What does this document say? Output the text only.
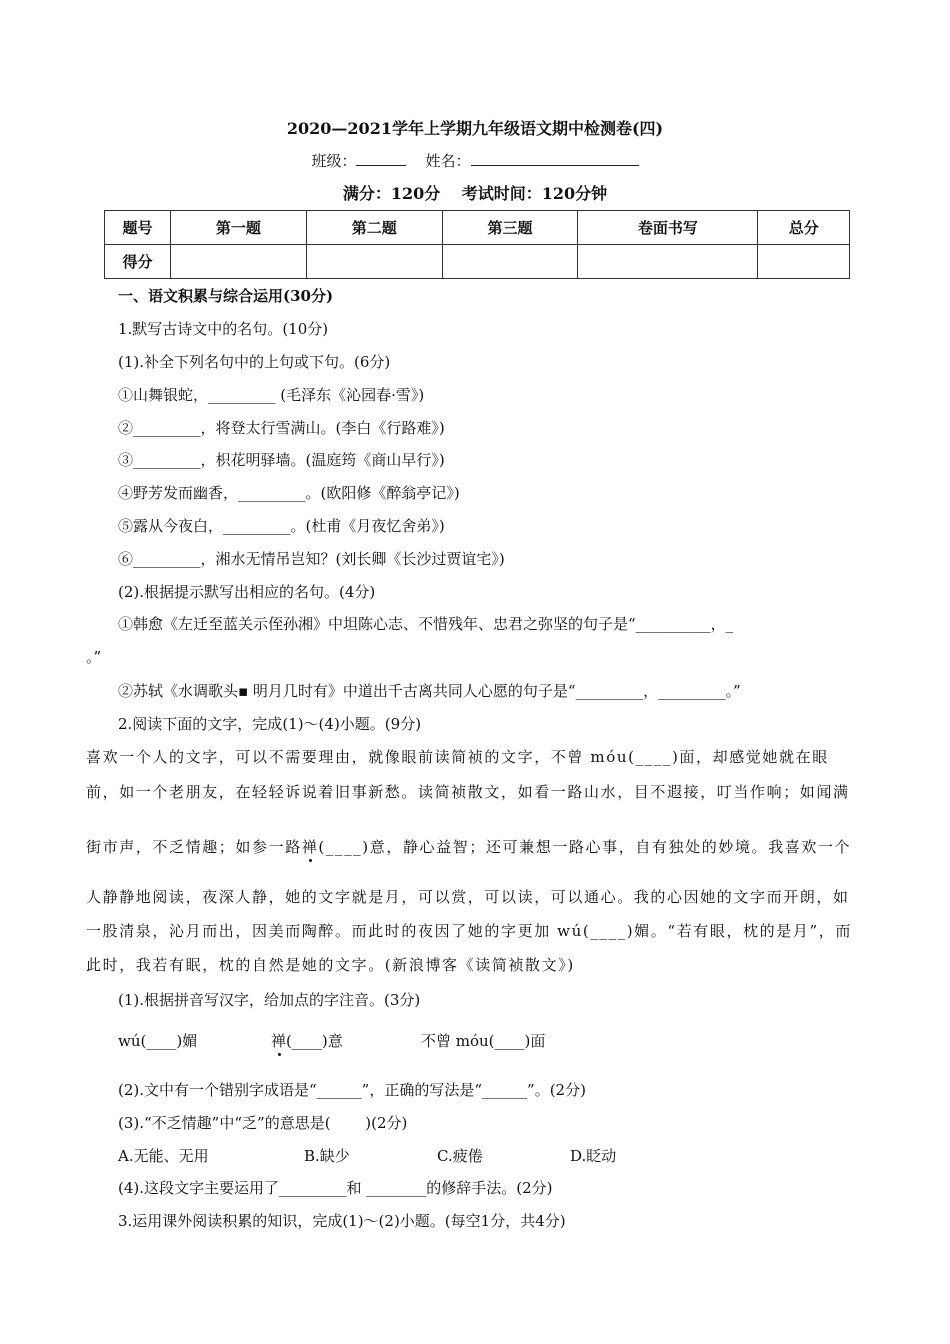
2020—2021学年上学期九年级语文期中检测卷(四)
班级：	姓名：
满分：120分　 考试时间：120分钟
题号	第一题	第二题	第三题	卷面书写	总分
得分					
一、语文积累与综合运用(30分)
1.默写古诗文中的名句。(10分)
(1).补全下列名句中的上句或下句。(6分)
①山舞银蛇，_________ (毛泽东《沁园春·雪》)
②_________，将登太行雪满山。(李白《行路难》)
③_________，枳花明驿墙。(温庭筠《商山早行》)
④野芳发而幽香，_________。(欧阳修《醉翁亭记》)
⑤露从今夜白，_________。(杜甫《月夜忆舍弟》)
⑥_________，湘水无情吊岂知？(刘长卿《长沙过贾谊宅》)
(2).根据提示默写出相应的名句。(4分)
①韩愈《左迁至蓝关示侄孙湘》中坦陈心志、不惜残年、忠君之弥坚的句子是“__________，_
。”
②苏轼《水调歌头▪ 明月几时有》中道出千古离共同人心愿的句子是“_________，_________。”
2.阅读下面的文字，完成(1)～(4)小题。(9分)
喜欢一个人的文字，可以不需要理由，就像眼前读简祯的文字，不曾 móu(____)面，却感觉她就在眼
前，如一个老朋友，在轻轻诉说着旧事新愁。读简祯散文，如看一路山水，目不遐接，叮当作响；如闻满
街市声，不乏情趣；如参一路禅(____)意，静心益智；还可兼想一路心事，自有独处的妙境。我喜欢一个
人静静地阅读，夜深人静，她的文字就是月，可以赏，可以读，可以通心。我的心因她的文字而开朗，如
一股清泉，沁月而出，因美而陶醉。而此时的夜因了她的字更加 wú(____)媚。“若有眼，枕的是月”，而
此时，我若有眠，枕的自然是她的文字。(新浪博客《读简祯散文》)
(1).根据拼音写汉字，给加点的字注音。(3分)
wú(____)媚	禅(____)意	不曾 móu(____)面
(2).文中有一个错别字成语是“______”，正确的写法是“______”。(2分)
(3).“不乏情趣”中“乏”的意思是(　　 )(2分)
A.无能、无用	B.缺少	C.疲倦	D.眨动
(4).这段文字主要运用了_________和 ________的修辞手法。(2分)
3.运用课外阅读积累的知识，完成(1)～(2)小题。(每空1分，共4分)
